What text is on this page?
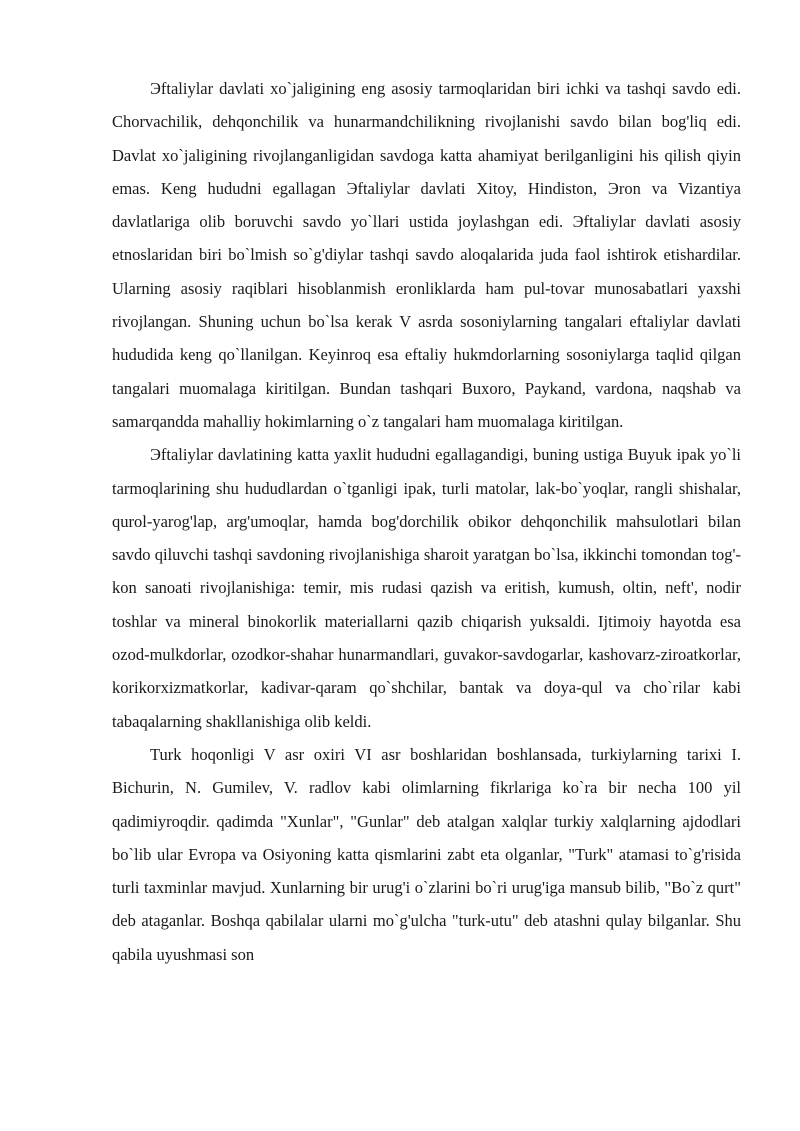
Эftaliylar davlati xo`jaligining eng asosiy tarmoqlaridan biri ichki va tashqi savdo edi. Chorvachilik, dehqonchilik va hunarmandchilikning rivojlanishi savdo bilan bog'liq edi. Davlat xo`jaligining rivojlanganligidan savdoga katta ahamiyat berilganligini his qilish qiyin emas. Keng hududni egallagan Эftaliylar davlati Xitoy, Hindiston, Эron va Vizantiya davlatlariga olib boruvchi savdo yo`llari ustida joylashgan edi. Эftaliylar davlati asosiy etnoslaridan biri bo`lmish so`g'diylar tashqi savdo aloqalarida juda faol ishtirok etishardilar. Ularning asosiy raqiblari hisoblanmish eronliklarda ham pul-tovar munosabatlari yaxshi rivojlangan. Shuning uchun bo`lsa kerak V asrda sosoniylarning tangalari eftaliylar davlati hududida keng qo`llanilgan. Keyinroq esa eftaliy hukmdorlarning sosoniylarga taqlid qilgan tangalari muomalaga kiritilgan. Bundan tashqari Buxoro, Paykand, vardona, naqshab va samarqandda mahalliy hokimlarning o`z tangalari ham muomalaga kiritilgan.

Эftaliylar davlatining katta yaxlit hududni egallagandigi, buning ustiga Buyuk ipak yo`li tarmoqlarining shu hududlardan o`tganligi ipak, turli matolar, lak-bo`yoqlar, rangli shishalar, qurol-yarog'lap, arg'umoqlar, hamda bog'dorchilik obikor dehqonchilik mahsulotlari bilan savdo qiluvchi tashqi savdoning rivojlanishiga sharoit yaratgan bo`lsa, ikkinchi tomondan tog'-kon sanoati rivojlanishiga: temir, mis rudasi qazish va eritish, kumush, oltin, neft', nodir toshlar va mineral binokorlik materiallarni qazib chiqarish yuksaldi. Ijtimoiy hayotda esa ozod-mulkdorlar, ozodkor-shahar hunarmandlari, guvakor-savdogarlar, kashovarz-ziroatkorlar, korikorxizmatkorlar, kadivar-qaram qo`shchilar, bantak va doya-qul va cho`rilar kabi tabaqalarning shakllanishiga olib keldi.

Turk hoqonligi V asr oxiri VI asr boshlaridan boshlansada, turkiylarning tarixi I. Bichurin, N. Gumilev, V. radlov kabi olimlarning fikrlariga ko`ra bir necha 100 yil qadimiyroqdir. qadimda "Xunlar", "Gunlar" deb atalgan xalqlar turkiy xalqlarning ajdodlari bo`lib ular Evropa va Osiyoning katta qismlarini zabt eta olganlar, "Turk" atamasi to`g'risida turli taxminlar mavjud. Xunlarning bir urug'i o`zlarini bo`ri urug'iga mansub bilib, "Bo`z qurt" deb ataganlar. Boshqa qabilalar ularni mo`g'ulcha "turk-utu" deb atashni qulay bilganlar. Shu qabila uyushmasi son
